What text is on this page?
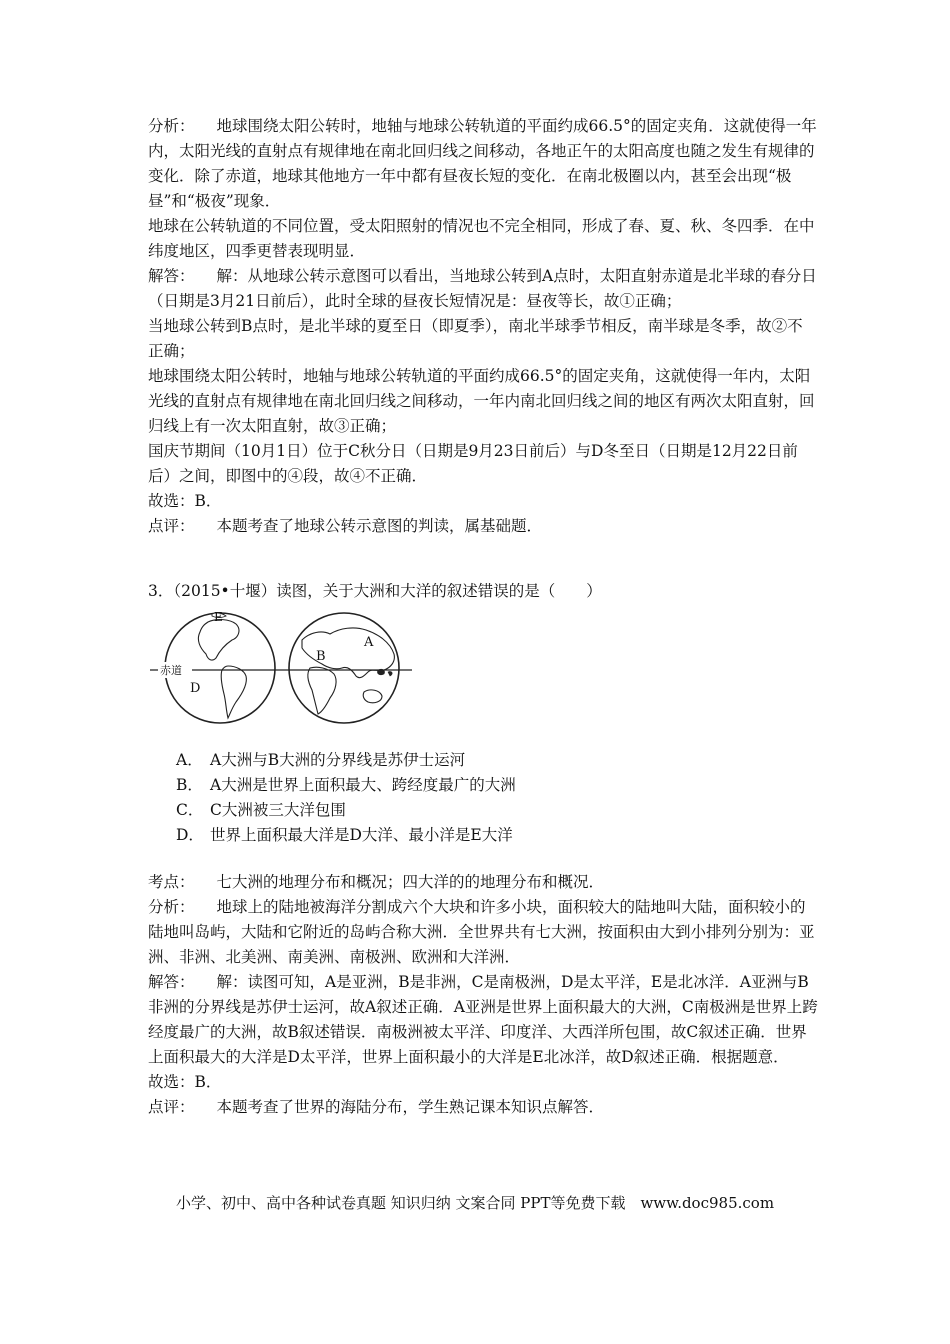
分析： 地球围绕太阳公转时，地轴与地球公转轨道的平面约成66.5°的固定夹角．这就使得一年内，太阳光线的直射点有规律地在南北回归线之间移动，各地正午的太阳高度也随之发生有规律的变化．除了赤道，地球其他地方一年中都有昼夜长短的变化．在南北极圈以内，甚至会出现“极昼”和“极夜”现象．

地球在公转轨道的不同位置，受太阳照射的情况也不完全相同，形成了春、夏、秋、冬四季．在中纬度地区，四季更替表现明显．

解答： 解：从地球公转示意图可以看出，当地球公转到A点时，太阳直射赤道是北半球的春分日（日期是3月21日前后），此时全球的昼夜长短情况是：昼夜等长，故①正确；

当地球公转到B点时，是北半球的夏至日（即夏季），南北半球季节相反，南半球是冬季，故②不正确；

地球围绕太阳公转时，地轴与地球公转轨道的平面约成66.5°的固定夹角，这就使得一年内，太阳光线的直射点有规律地在南北回归线之间移动，一年内南北回归线之间的地区有两次太阳直射，回归线上有一次太阳直射，故③正确；

国庆节期间（10月1日）位于C秋分日（日期是9月23日前后）与D冬至日（日期是12月22日前后）之间，即图中的④段，故④不正确．

故选：B．

点评： 本题考查了地球公转示意图的判读，属基础题．

3．（2015•十堰）读图，关于大洲和大洋的叙述错误的是（　　）

赤道
E
D
A
B

A． A大洲与B大洲的分界线是苏伊士运河

B． A大洲是世界上面积最大、跨经度最广的大洲

C． C大洲被三大洋包围

D． 世界上面积最大洋是D大洋、最小洋是E大洋

考点： 七大洲的地理分布和概况；四大洋的的地理分布和概况．

分析： 地球上的陆地被海洋分割成六个大块和许多小块，面积较大的陆地叫大陆，面积较小的陆地叫岛屿，大陆和它附近的岛屿合称大洲．全世界共有七大洲，按面积由大到小排列分别为：亚洲、非洲、北美洲、南美洲、南极洲、欧洲和大洋洲．

解答： 解：读图可知，A是亚洲，B是非洲，C是南极洲，D是太平洋，E是北冰洋．A亚洲与B非洲的分界线是苏伊士运河，故A叙述正确．A亚洲是世界上面积最大的大洲，C南极洲是世界上跨经度最广的大洲，故B叙述错误．南极洲被太平洋、印度洋、大西洋所包围，故C叙述正确．世界上面积最大的大洋是D太平洋，世界上面积最小的大洋是E北冰洋，故D叙述正确．根据题意．

故选：B．

点评： 本题考查了世界的海陆分布，学生熟记课本知识点解答．

小学、初中、高中各种试卷真题 知识归纳 文案合同 PPT等免费下载　www.doc985.com
